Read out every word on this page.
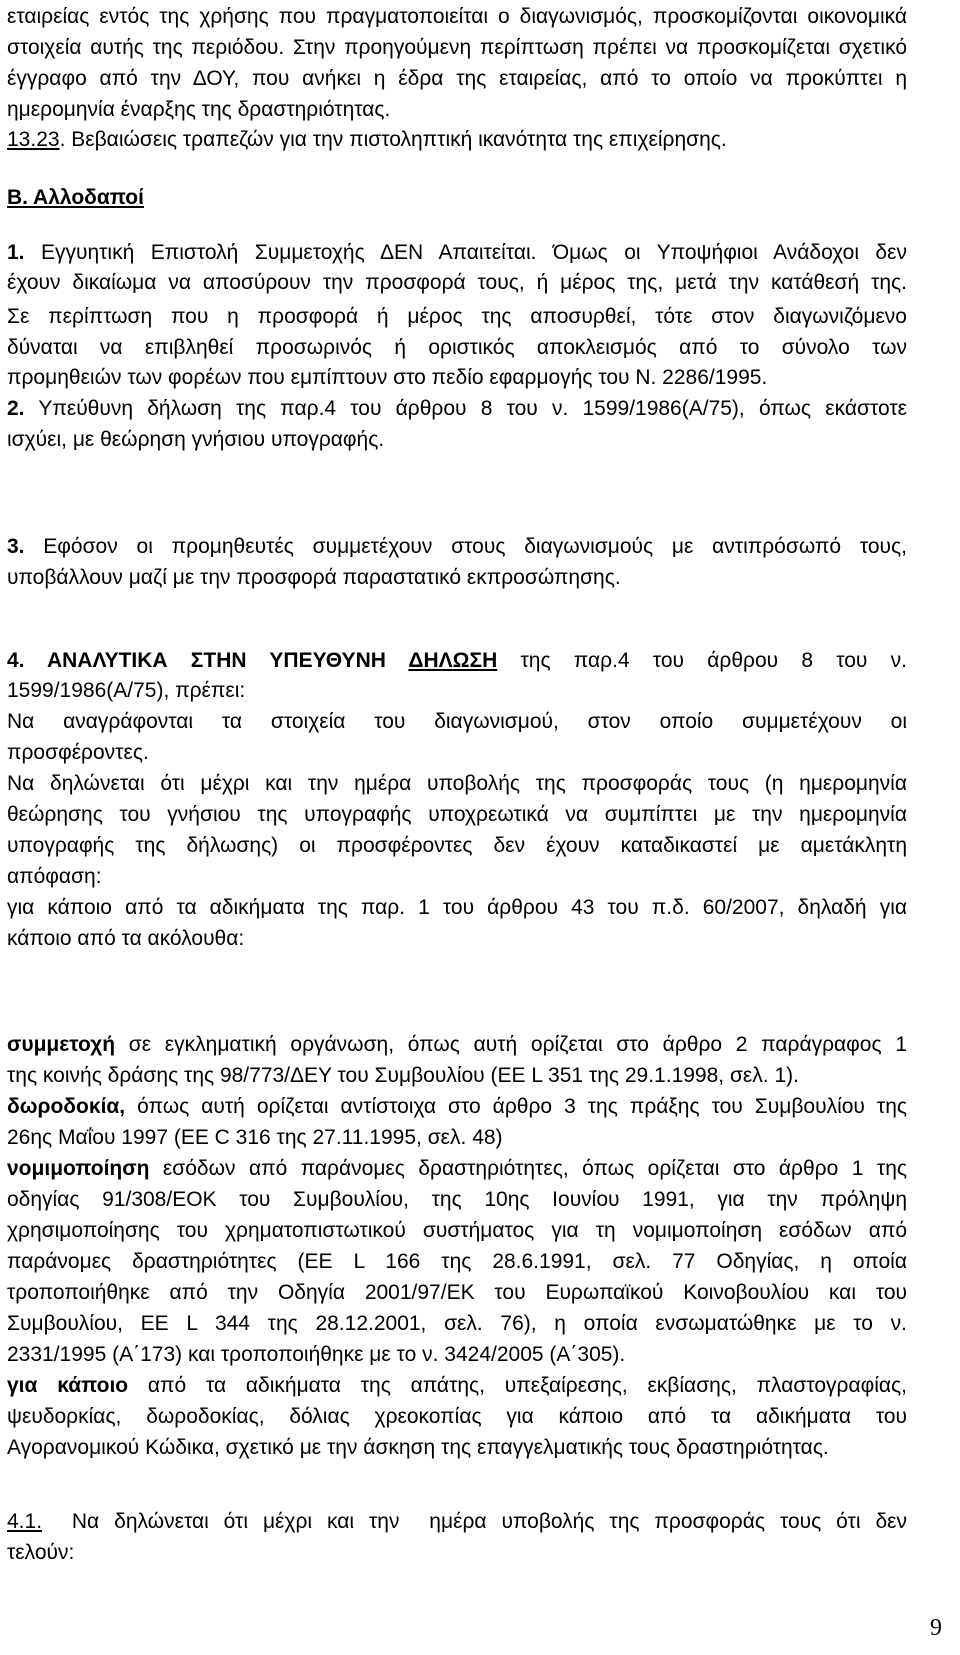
εταιρείας εντός της χρήσης που πραγματοποιείται ο διαγωνισμός, προσκομίζονται οικονομικά
στοιχεία αυτής της περιόδου. Στην προηγούμενη περίπτωση πρέπει να προσκομίζεται σχετικό
έγγραφο από την ΔΟΥ, που ανήκει η έδρα της εταιρείας, από το οποίο να προκύπτει η
ημερομηνία έναρξης της δραστηριότητας.
13.23. Βεβαιώσεις τραπεζών για την πιστοληπτική ικανότητα της επιχείρησης.
Β. Αλλοδαποί
1. Εγγυητική Επιστολή Συμμετοχής ΔΕΝ Απαιτείται. Όμως οι Υποψήφιοι Ανάδοχοι δεν
έχουν δικαίωμα να αποσύρουν την προσφορά τους, ή μέρος της, μετά την κατάθεσή της.
Σε περίπτωση που η προσφορά ή μέρος της αποσυρθεί, τότε στον διαγωνιζόμενο
δύναται να επιβληθεί προσωρινός ή οριστικός αποκλεισμός από το σύνολο των
προμηθειών των φορέων που εμπίπτουν στο πεδίο εφαρμογής του Ν. 2286/1995.
2. Υπεύθυνη δήλωση της παρ.4 του άρθρου 8 του ν. 1599/1986(Α/75), όπως εκάστοτε
ισχύει, με θεώρηση γνήσιου υπογραφής.
3. Εφόσον οι προμηθευτές συμμετέχουν στους διαγωνισμούς με αντιπρόσωπό τους,
υποβάλλουν μαζί με την προσφορά παραστατικό εκπροσώπησης.
4. ΑΝΑΛΥΤΙΚΑ ΣΤΗΝ ΥΠΕΥΘΥΝΗ ΔΗΛΩΣΗ της παρ.4 του άρθρου 8 του ν.
1599/1986(Α/75), πρέπει:
Να αναγράφονται τα στοιχεία του διαγωνισμού, στον οποίο συμμετέχουν οι
προσφέροντες.
Να δηλώνεται ότι μέχρι και την ημέρα υποβολής της προσφοράς τους (η ημερομηνία
θεώρησης του γνήσιου της υπογραφής υποχρεωτικά να συμπίπτει με την ημερομηνία
υπογραφής της δήλωσης) οι προσφέροντες δεν έχουν καταδικαστεί με αμετάκλητη
απόφαση:
για κάποιο από τα αδικήματα της παρ. 1 του άρθρου 43 του π.δ. 60/2007, δηλαδή για
κάποιο από τα ακόλουθα:
συμμετοχή σε εγκληματική οργάνωση, όπως αυτή ορίζεται στο άρθρο 2 παράγραφος 1
της κοινής δράσης της 98/773/ΔΕΥ του Συμβουλίου (ΕΕ L 351 της 29.1.1998, σελ. 1).
δωροδοκία, όπως αυτή ορίζεται αντίστοιχα στο άρθρο 3 της πράξης του Συμβουλίου της
26ης Μαΐου 1997 (ΕΕ C 316 της 27.11.1995, σελ. 48)
νομιμοποίηση εσόδων από παράνομες δραστηριότητες, όπως ορίζεται στο άρθρο 1 της
οδηγίας 91/308/ΕΟΚ του Συμβουλίου, της 10ης Ιουνίου 1991, για την πρόληψη
χρησιμοποίησης του χρηματοπιστωτικού συστήματος για τη νομιμοποίηση εσόδων από
παράνομες δραστηριότητες (ΕΕ L 166 της 28.6.1991, σελ. 77 Οδηγίας, η οποία
τροποποιήθηκε από την Οδηγία 2001/97/ΕΚ του Ευρωπαϊκού Κοινοβουλίου και του
Συμβουλίου, ΕΕ L 344 της 28.12.2001, σελ. 76), η οποία ενσωματώθηκε με το ν.
2331/1995 (Α΄173) και τροποποιήθηκε με το ν. 3424/2005 (Α΄305).
για κάποιο από τα αδικήματα της απάτης, υπεξαίρεσης, εκβίασης, πλαστογραφίας,
ψευδορκίας, δωροδοκίας, δόλιας χρεοκοπίας για κάποιο από τα αδικήματα του
Αγορανομικού Κώδικα, σχετικό με την άσκηση της επαγγελματικής τους δραστηριότητας.
4.1.  Να δηλώνεται ότι μέχρι και την  ημέρα υποβολής της προσφοράς τους ότι δεν
τελούν:
9
